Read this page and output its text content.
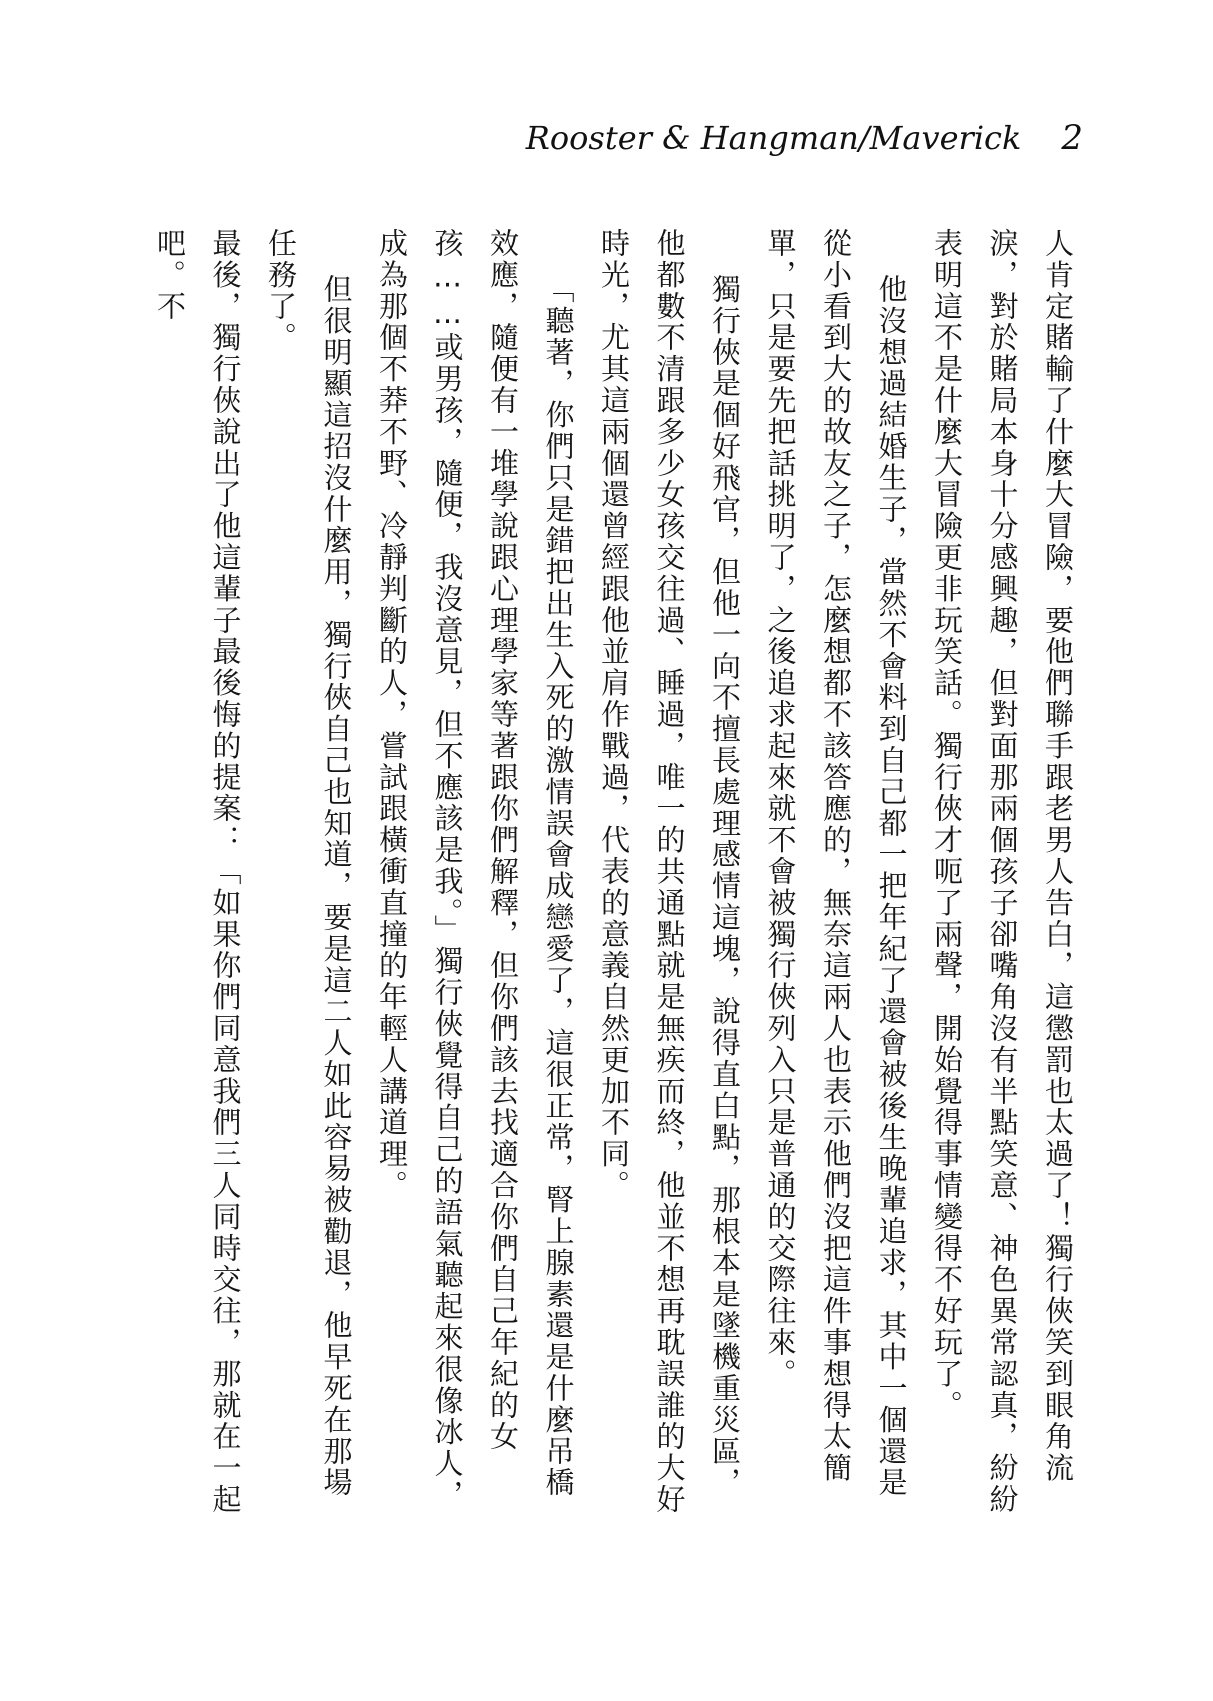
Rooster & Hangman/Maverick 2

人肯定賭輸了什麼大冒險，要他們聯手跟老男人告白，這懲罰也太過了！獨行俠笑到眼角流淚，對於賭局本身十分感興趣，但對面那兩個孩子卻嘴角沒有半點笑意、神色異常認真，紛紛表明這不是什麼大冒險更非玩笑話。獨行俠才呃了兩聲，開始覺得事情變得不好玩了。

他沒想過結婚生子，當然不會料到自己都一把年紀了還會被後生晚輩追求，其中一個還是從小看到大的故友之子，怎麼想都不該答應的，無奈這兩人也表示他們沒把這件事想得太簡單，只是要先把話挑明了，之後追求起來就不會被獨行俠列入只是普通的交際往來。

獨行俠是個好飛官，但他一向不擅長處理感情這塊，說得直白點，那根本是墜機重災區，他都數不清跟多少女孩交往過、睡過，唯一的共通點就是無疾而終，他並不想再耽誤誰的大好時光，尤其這兩個還曾經跟他並肩作戰過，代表的意義自然更加不同。

「聽著，你們只是錯把出生入死的激情誤會成戀愛了，這很正常，腎上腺素還是什麼吊橋效應，隨便有一堆學說跟心理學家等著跟你們解釋，但你們該去找適合你們自己年紀的女孩……或男孩，隨便，我沒意見，但不應該是我。」獨行俠覺得自己的語氣聽起來很像冰人，成為那個不莽不野、冷靜判斷的人，嘗試跟橫衝直撞的年輕人講道理。

但很明顯這招沒什麼用，獨行俠自己也知道，要是這二人如此容易被勸退，他早死在那場任務了。

最後，獨行俠說出了他這輩子最後悔的提案：「如果你們同意我們三人同時交往，那就在一起吧。不
